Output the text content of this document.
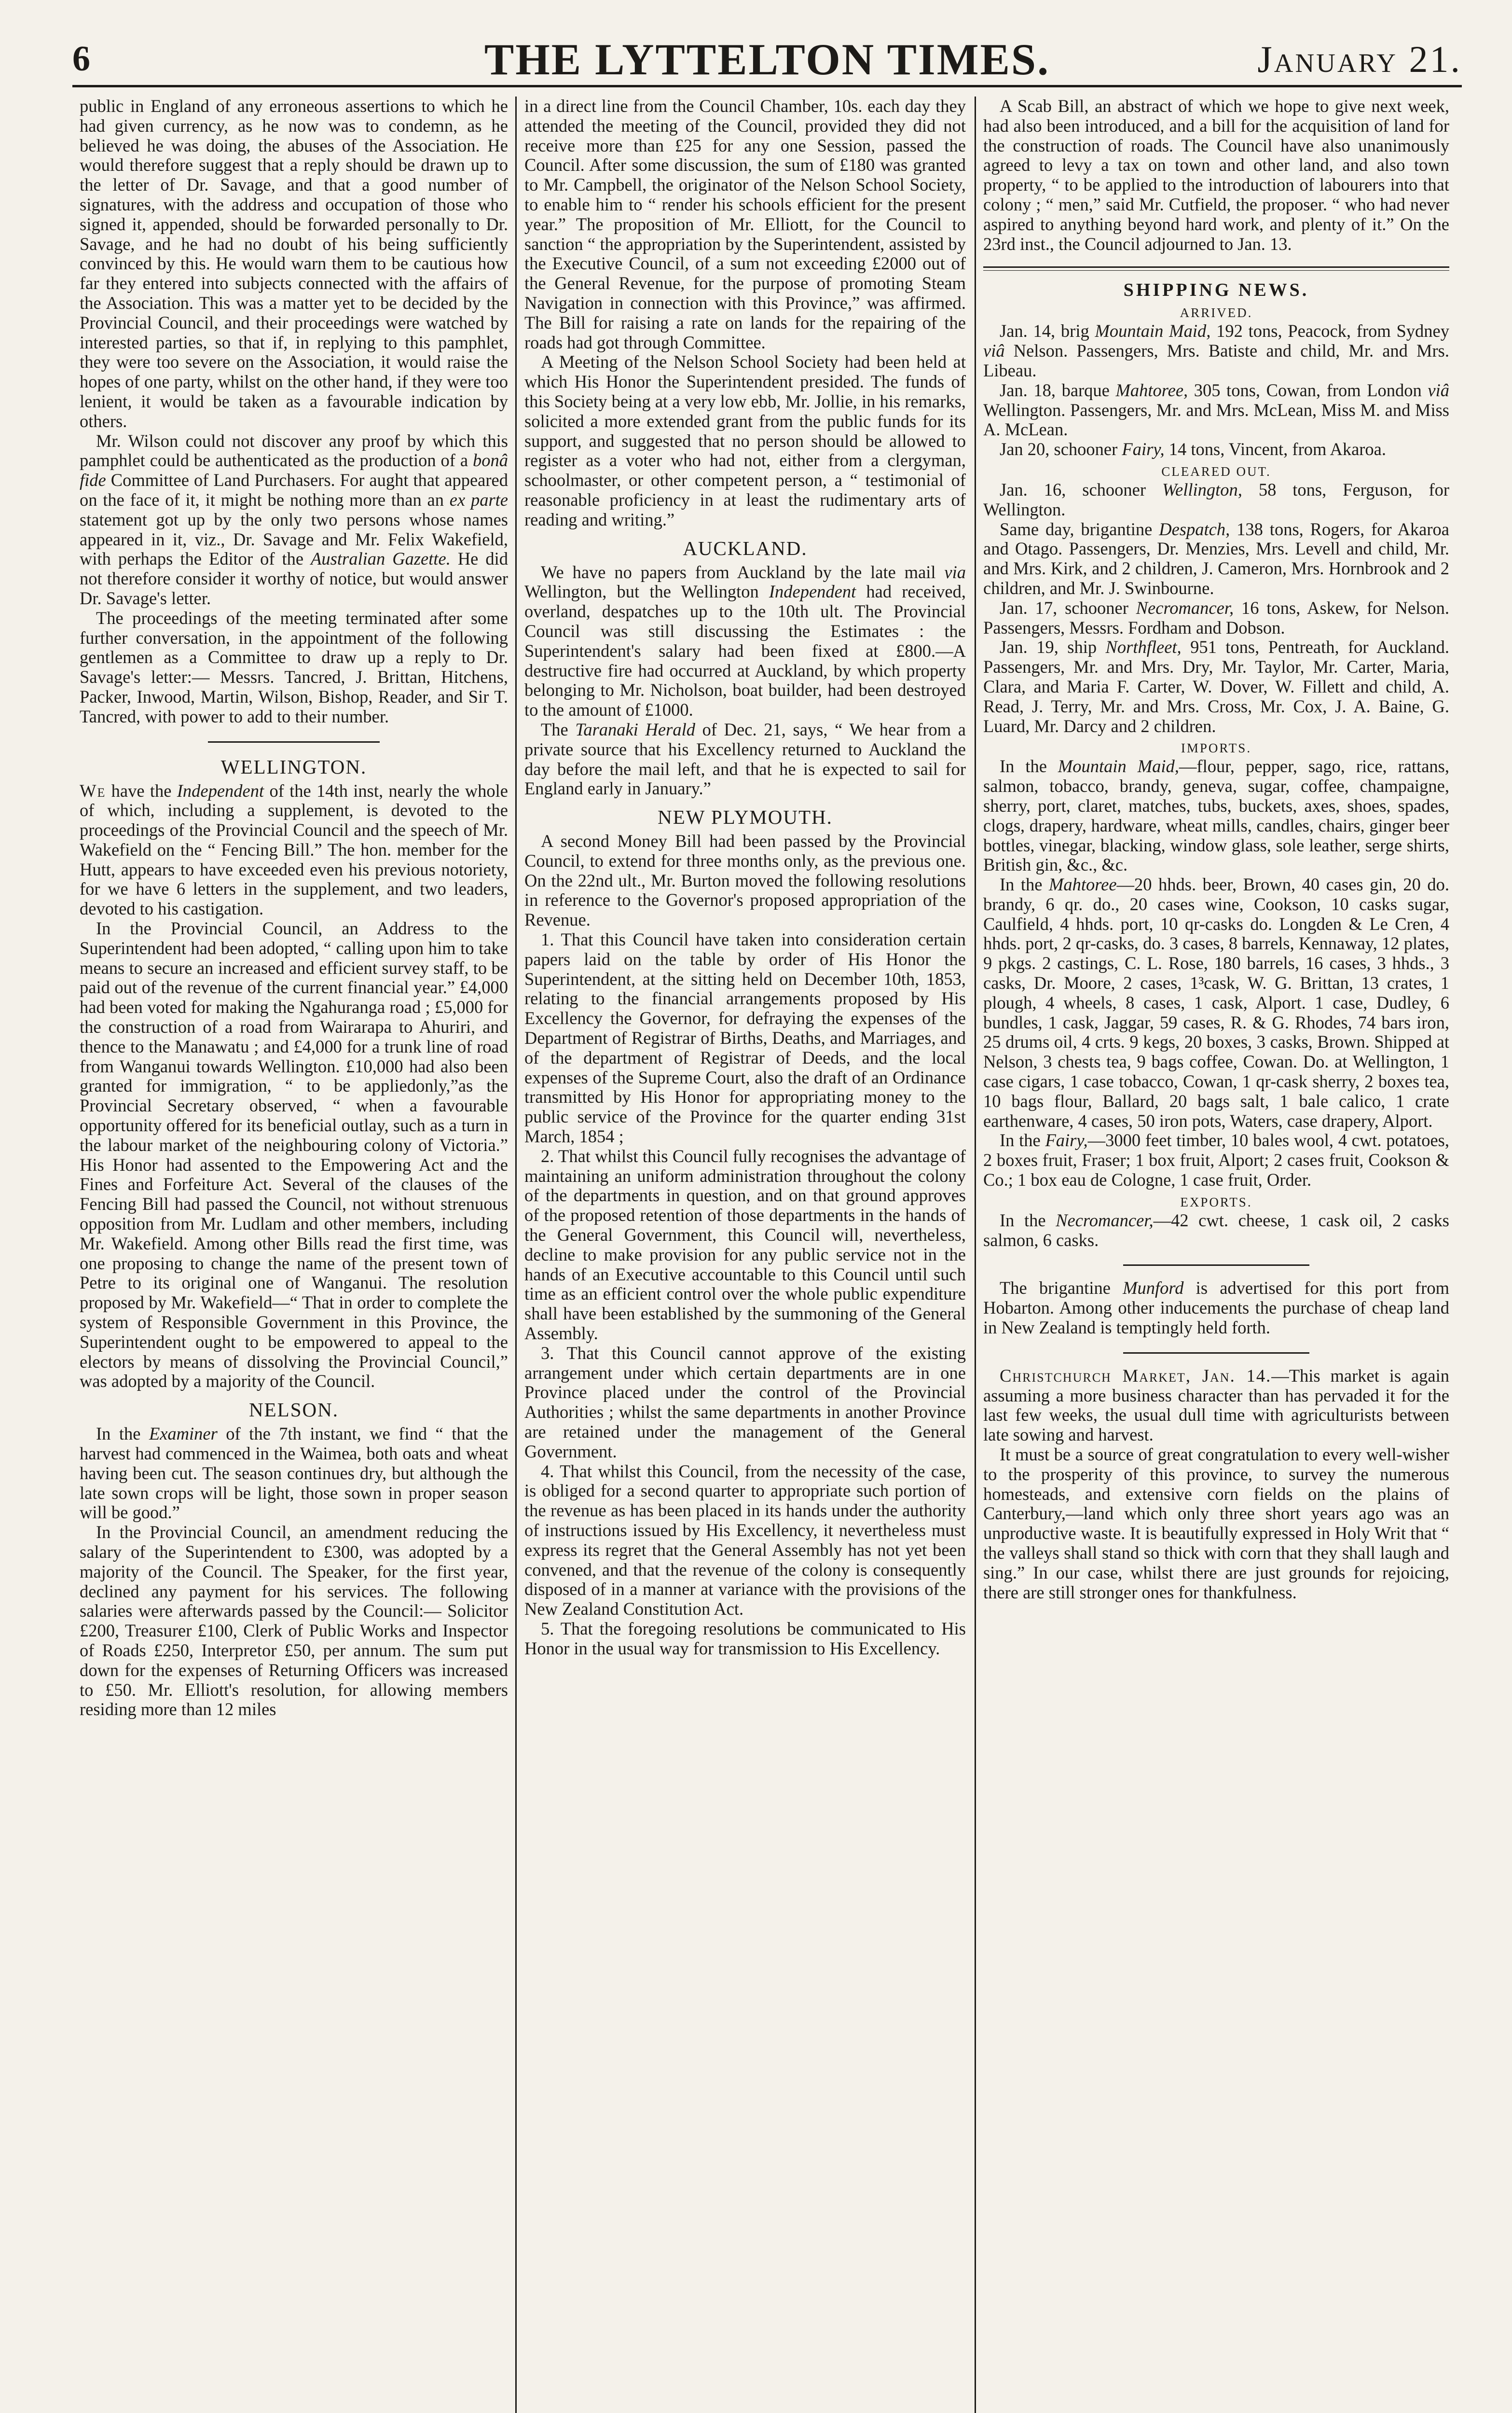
6	THE LYTTELTON TIMES.	January 21.

public in England of any erroneous assertions to which he had given currency, as he now was to condemn, as he believed he was doing, the abuses of the Association. He would therefore suggest that a reply should be drawn up to the letter of Dr. Savage, and that a good number of signatures, with the address and occupation of those who signed it, appended, should be forwarded personally to Dr. Savage, and he had no doubt of his being sufficiently convinced by this. He would warn them to be cautious how far they entered into subjects connected with the affairs of the Association. This was a matter yet to be decided by the Provincial Council, and their proceedings were watched by interested parties, so that if, in replying to this pamphlet, they were too severe on the Association, it would raise the hopes of one party, whilst on the other hand, if they were too lenient, it would be taken as a favourable indication by others.

Mr. Wilson could not discover any proof by which this pamphlet could be authenticated as the production of a bonâ fide Committee of Land Purchasers. For aught that appeared on the face of it, it might be nothing more than an ex parte statement got up by the only two persons whose names appeared in it, viz., Dr. Savage and Mr. Felix Wakefield, with perhaps the Editor of the Australian Gazette. He did not therefore consider it worthy of notice, but would answer Dr. Savage's letter.

The proceedings of the meeting terminated after some further conversation, in the appointment of the following gentlemen as a Committee to draw up a reply to Dr. Savage's letter:— Messrs. Tancred, J. Brittan, Hitchens, Packer, Inwood, Martin, Wilson, Bishop, Reader, and Sir T. Tancred, with power to add to their number.

WELLINGTON.

We have the Independent of the 14th inst, nearly the whole of which, including a supplement, is devoted to the proceedings of the Provincial Council and the speech of Mr. Wakefield on the “ Fencing Bill.” The hon. member for the Hutt, appears to have exceeded even his previous notoriety, for we have 6 letters in the supplement, and two leaders, devoted to his castigation.

In the Provincial Council, an Address to the Superintendent had been adopted, “ calling upon him to take means to secure an increased and efficient survey staff, to be paid out of the revenue of the current financial year.” £4,000 had been voted for making the Ngahuranga road ; £5,000 for the construction of a road from Wairarapa to Ahuriri, and thence to the Manawatu ; and £4,000 for a trunk line of road from Wanganui towards Wellington. £10,000 had also been granted for immigration, “ to be appliedonly,”as the Provincial Secretary observed, “ when a favourable opportunity offered for its beneficial outlay, such as a turn in the labour market of the neighbouring colony of Victoria.” His Honor had assented to the Empowering Act and the Fines and Forfeiture Act. Several of the clauses of the Fencing Bill had passed the Council, not without strenuous opposition from Mr. Ludlam and other members, including Mr. Wakefield. Among other Bills read the first time, was one proposing to change the name of the present town of Petre to its original one of Wanganui. The resolution proposed by Mr. Wakefield—“ That in order to complete the system of Responsible Government in this Province, the Superintendent ought to be empowered to appeal to the electors by means of dissolving the Provincial Council,” was adopted by a majority of the Council.

NELSON.

In the Examiner of the 7th instant, we find “ that the harvest had commenced in the Waimea, both oats and wheat having been cut. The season continues dry, but although the late sown crops will be light, those sown in proper season will be good.”

In the Provincial Council, an amendment reducing the salary of the Superintendent to £300, was adopted by a majority of the Council. The Speaker, for the first year, declined any payment for his services. The following salaries were afterwards passed by the Council:— Solicitor £200, Treasurer £100, Clerk of Public Works and Inspector of Roads £250, Interpretor £50, per annum. The sum put down for the expenses of Returning Officers was increased to £50. Mr. Elliott's resolution, for allowing members residing more than 12 miles

in a direct line from the Council Chamber, 10s. each day they attended the meeting of the Council, provided they did not receive more than £25 for any one Session, passed the Council. After some discussion, the sum of £180 was granted to Mr. Campbell, the originator of the Nelson School Society, to enable him to “ render his schools efficient for the present year.” The proposition of Mr. Elliott, for the Council to sanction “ the appropriation by the Superintendent, assisted by the Executive Council, of a sum not exceeding £2000 out of the General Revenue, for the purpose of promoting Steam Navigation in connection with this Province,” was affirmed. The Bill for raising a rate on lands for the repairing of the roads had got through Committee.

A Meeting of the Nelson School Society had been held at which His Honor the Superintendent presided. The funds of this Society being at a very low ebb, Mr. Jollie, in his remarks, solicited a more extended grant from the public funds for its support, and suggested that no person should be allowed to register as a voter who had not, either from a clergyman, schoolmaster, or other competent person, a “ testimonial of reasonable proficiency in at least the rudimentary arts of reading and writing.”

AUCKLAND.

We have no papers from Auckland by the late mail via Wellington, but the Wellington Independent had received, overland, despatches up to the 10th ult. The Provincial Council was still discussing the Estimates : the Superintendent's salary had been fixed at £800.—A destructive fire had occurred at Auckland, by which property belonging to Mr. Nicholson, boat builder, had been destroyed to the amount of £1000.

The Taranaki Herald of Dec. 21, says, “ We hear from a private source that his Excellency returned to Auckland the day before the mail left, and that he is expected to sail for England early in January.”

NEW PLYMOUTH.

A second Money Bill had been passed by the Provincial Council, to extend for three months only, as the previous one. On the 22nd ult., Mr. Burton moved the following resolutions in reference to the Governor's proposed appropriation of the Revenue.

1. That this Council have taken into consideration certain papers laid on the table by order of His Honor the Superintendent, at the sitting held on December 10th, 1853, relating to the financial arrangements proposed by His Excellency the Governor, for defraying the expenses of the Department of Registrar of Births, Deaths, and Marriages, and of the department of Registrar of Deeds, and the local expenses of the Supreme Court, also the draft of an Ordinance transmitted by His Honor for appropriating money to the public service of the Province for the quarter ending 31st March, 1854 ;

2. That whilst this Council fully recognises the advantage of maintaining an uniform administration throughout the colony of the departments in question, and on that ground approves of the proposed retention of those departments in the hands of the General Government, this Council will, nevertheless, decline to make provision for any public service not in the hands of an Executive accountable to this Council until such time as an efficient control over the whole public expenditure shall have been established by the summoning of the General Assembly.

3. That this Council cannot approve of the existing arrangement under which certain departments are in one Province placed under the control of the Provincial Authorities ; whilst the same departments in another Province are retained under the management of the General Government.

4. That whilst this Council, from the necessity of the case, is obliged for a second quarter to appropriate such portion of the revenue as has been placed in its hands under the authority of instructions issued by His Excellency, it nevertheless must express its regret that the General Assembly has not yet been convened, and that the revenue of the colony is consequently disposed of in a manner at variance with the provisions of the New Zealand Constitution Act.

5. That the foregoing resolutions be communicated to His Honor in the usual way for transmission to His Excellency.

A Scab Bill, an abstract of which we hope to give next week, had also been introduced, and a bill for the acquisition of land for the construction of roads. The Council have also unanimously agreed to levy a tax on town and other land, and also town property, “ to be applied to the introduction of labourers into that colony ; “ men,” said Mr. Cutfield, the proposer. “ who had never aspired to anything beyond hard work, and plenty of it.” On the 23rd inst., the Council adjourned to Jan. 13.

SHIPPING NEWS.
ARRIVED.

Jan. 14, brig Mountain Maid, 192 tons, Peacock, from Sydney viâ Nelson. Passengers, Mrs. Batiste and child, Mr. and Mrs. Libeau.

Jan. 18, barque Mahtoree, 305 tons, Cowan, from London viâ Wellington. Passengers, Mr. and Mrs. McLean, Miss M. and Miss A. McLean.

Jan 20, schooner Fairy, 14 tons, Vincent, from Akaroa.

CLEARED OUT.

Jan. 16, schooner Wellington, 58 tons, Ferguson, for Wellington.

Same day, brigantine Despatch, 138 tons, Rogers, for Akaroa and Otago. Passengers, Dr. Menzies, Mrs. Levell and child, Mr. and Mrs. Kirk, and 2 children, J. Cameron, Mrs. Hornbrook and 2 children, and Mr. J. Swinbourne.

Jan. 17, schooner Necromancer, 16 tons, Askew, for Nelson. Passengers, Messrs. Fordham and Dobson.

Jan. 19, ship Northfleet, 951 tons, Pentreath, for Auckland. Passengers, Mr. and Mrs. Dry, Mr. Taylor, Mr. Carter, Maria, Clara, and Maria F. Carter, W. Dover, W. Fillett and child, A. Read, J. Terry, Mr. and Mrs. Cross, Mr. Cox, J. A. Baine, G. Luard, Mr. Darcy and 2 children.

IMPORTS.

In the Mountain Maid,—flour, pepper, sago, rice, rattans, salmon, tobacco, brandy, geneva, sugar, coffee, champaigne, sherry, port, claret, matches, tubs, buckets, axes, shoes, spades, clogs, drapery, hardware, wheat mills, candles, chairs, ginger beer bottles, vinegar, blacking, window glass, sole leather, serge shirts, British gin, &c., &c.

In the Mahtoree—20 hhds. beer, Brown, 40 cases gin, 20 do. brandy, 6 qr. do., 20 cases wine, Cookson, 10 casks sugar, Caulfield, 4 hhds. port, 10 qr-casks do. Longden & Le Cren, 4 hhds. port, 2 qr-casks, do. 3 cases, 8 barrels, Kennaway, 12 plates, 9 pkgs. 2 castings, C. L. Rose, 180 barrels, 16 cases, 3 hhds., 3 casks, Dr. Moore, 2 cases, 1³cask, W. G. Brittan, 13 crates, 1 plough, 4 wheels, 8 cases, 1 cask, Alport. 1 case, Dudley, 6 bundles, 1 cask, Jaggar, 59 cases, R. & G. Rhodes, 74 bars iron, 25 drums oil, 4 crts. 9 kegs, 20 boxes, 3 casks, Brown. Shipped at Nelson, 3 chests tea, 9 bags coffee, Cowan. Do. at Wellington, 1 case cigars, 1 case tobacco, Cowan, 1 qr-cask sherry, 2 boxes tea, 10 bags flour, Ballard, 20 bags salt, 1 bale calico, 1 crate earthenware, 4 cases, 50 iron pots, Waters, case drapery, Alport.

In the Fairy,—3000 feet timber, 10 bales wool, 4 cwt. potatoes, 2 boxes fruit, Fraser; 1 box fruit, Alport; 2 cases fruit, Cookson & Co.; 1 box eau de Cologne, 1 case fruit, Order.

EXPORTS.

In the Necromancer,—42 cwt. cheese, 1 cask oil, 2 casks salmon, 6 casks.

The brigantine Munford is advertised for this port from Hobarton. Among other inducements the purchase of cheap land in New Zealand is temptingly held forth.

Christchurch Market, Jan. 14.—This market is again assuming a more business character than has pervaded it for the last few weeks, the usual dull time with agriculturists between late sowing and harvest.

It must be a source of great congratulation to every well-wisher to the prosperity of this province, to survey the numerous homesteads, and extensive corn fields on the plains of Canterbury,—land which only three short years ago was an unproductive waste. It is beautifully expressed in Holy Writ that “ the valleys shall stand so thick with corn that they shall laugh and sing.” In our case, whilst there are just grounds for rejoicing, there are still stronger ones for thankfulness.
